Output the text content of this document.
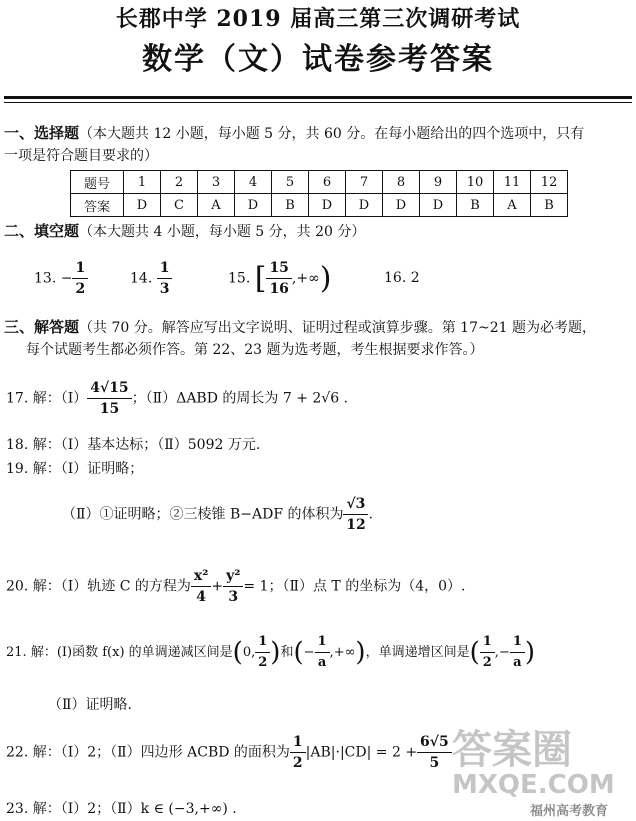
长郡中学 2019 届高三第三次调研考试
数学（文）试卷参考答案
一、选择题（本大题共 12 小题，每小题 5 分，共 60 分。在每小题给出的四个选项中，只有
一项是符合题目要求的）
题号	1	2	3	4	5	6	7	8	9	10	11	12
答案	D	C	A	D	B	D	D	D	D	B	A	B
二、填空题（本大题共 4 小题，每小题 5 分，共 20 分）
13. − $\frac{1}{2}$	14. $\frac{1}{3}$	15. [ $\frac{15}{16}$ ,+∞)	16. 2
三、解答题（共 70 分。解答应写出文字说明、证明过程或演算步骤。第 17~21 题为必考题，
每个试题考生都必须作答。第 22、23 题为选考题，考生根据要求作答。）
17. 解：（Ⅰ） $\frac{4√15}{15}$ ；（Ⅱ）ΔABD 的周长为 7 + 2√6 .
18. 解：（Ⅰ）基本达标；（Ⅱ）5092 万元.
19. 解：（Ⅰ）证明略；
（Ⅱ）①证明略；②三棱锥 B−ADF 的体积为 $\frac{√3}{12}$ .
20. 解：（Ⅰ）轨迹 C 的方程为 $\frac{\text{x²}}{4} + \frac{\text{y²}}{3} = 1$；（Ⅱ）点 T 的坐标为（4，0）.
21. 解：(Ⅰ)函数 f(x) 的单调递减区间是(0, $\frac{1}{2}$ )和(− $\frac{1}{a}$ ,+∞)，单调递增区间是( $\frac{1}{2}$ ,− $\frac{1}{a}$ )
（Ⅱ）证明略.
22. 解：（Ⅰ）2；（Ⅱ）四边形 ACBD 的面积为 $\frac{1}{2} |AB|\cdot|CD| = 2 + \frac{6√5}{5}$
23. 解：（Ⅰ）2；（Ⅱ）k ∈ (−3,+∞) .
答案圈
MXQE.COM
福州高考教育
